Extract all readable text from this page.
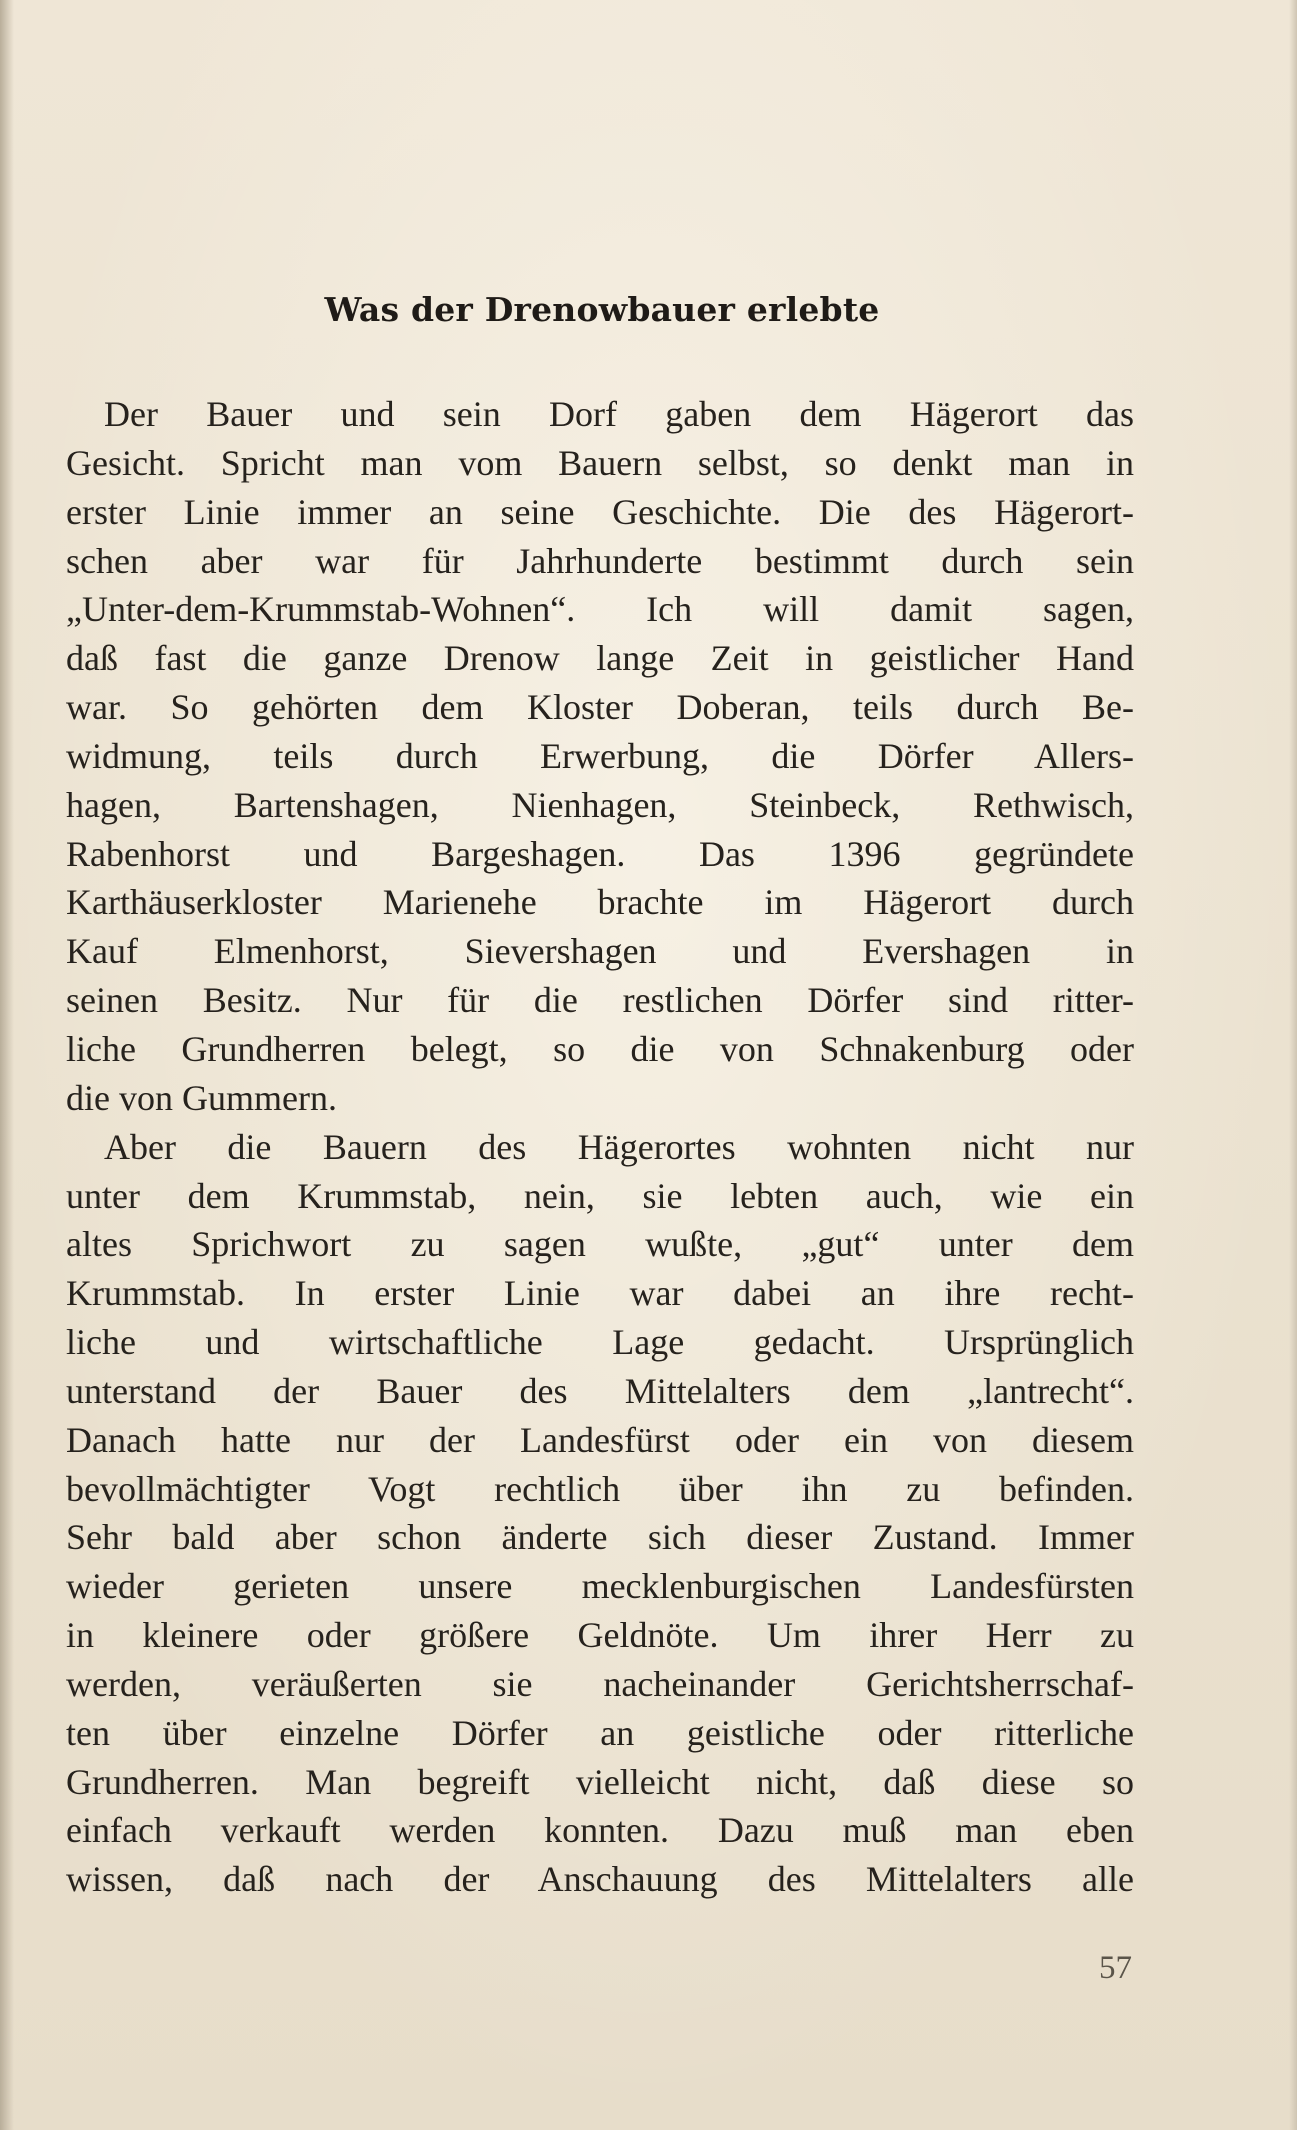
Was der Drenowbauer erlebte
Der Bauer und sein Dorf gaben dem Hägerort das
Gesicht. Spricht man vom Bauern selbst, so denkt man in
erster Linie immer an seine Geschichte. Die des Hägerort-
schen aber war für Jahrhunderte bestimmt durch sein
„Unter-dem-Krummstab-Wohnen“. Ich will damit sagen,
daß fast die ganze Drenow lange Zeit in geistlicher Hand
war. So gehörten dem Kloster Doberan, teils durch Be-
widmung, teils durch Erwerbung, die Dörfer Allers-
hagen, Bartenshagen, Nienhagen, Steinbeck, Rethwisch,
Rabenhorst und Bargeshagen. Das 1396 gegründete
Karthäuserkloster Marienehe brachte im Hägerort durch
Kauf Elmenhorst, Sievershagen und Evershagen in
seinen Besitz. Nur für die restlichen Dörfer sind ritter-
liche Grundherren belegt, so die von Schnakenburg oder
die von Gummern.
Aber die Bauern des Hägerortes wohnten nicht nur
unter dem Krummstab, nein, sie lebten auch, wie ein
altes Sprichwort zu sagen wußte, „gut“ unter dem
Krummstab. In erster Linie war dabei an ihre recht-
liche und wirtschaftliche Lage gedacht. Ursprünglich
unterstand der Bauer des Mittelalters dem „lantrecht“.
Danach hatte nur der Landesfürst oder ein von diesem
bevollmächtigter Vogt rechtlich über ihn zu befinden.
Sehr bald aber schon änderte sich dieser Zustand. Immer
wieder gerieten unsere mecklenburgischen Landesfürsten
in kleinere oder größere Geldnöte. Um ihrer Herr zu
werden, veräußerten sie nacheinander Gerichtsherrschaf-
ten über einzelne Dörfer an geistliche oder ritterliche
Grundherren. Man begreift vielleicht nicht, daß diese so
einfach verkauft werden konnten. Dazu muß man eben
wissen, daß nach der Anschauung des Mittelalters alle
57
